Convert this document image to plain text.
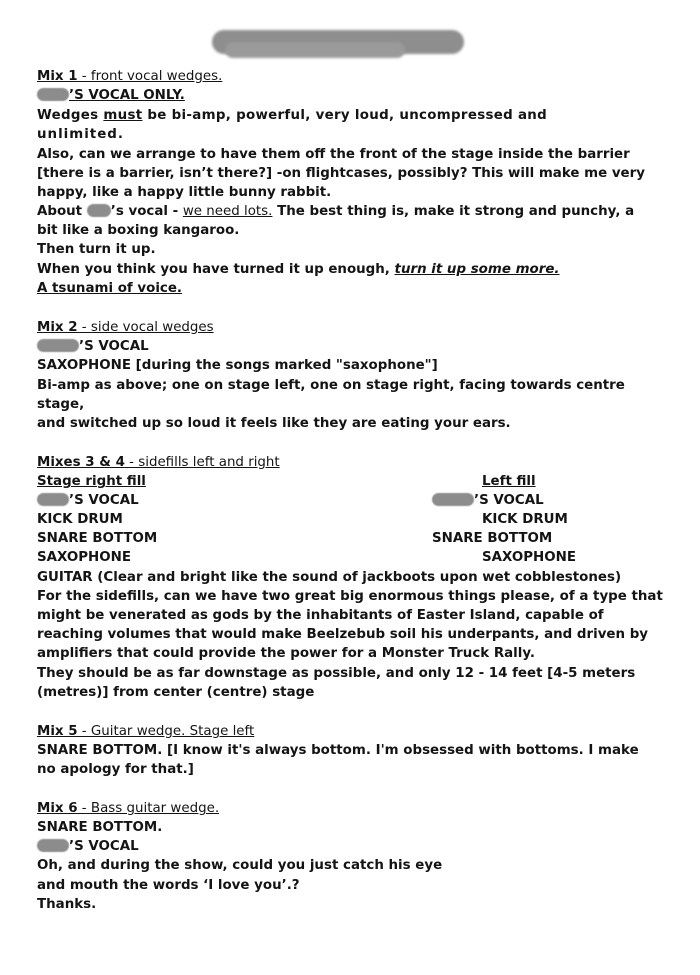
Mix 1 - front vocal wedges.
’S VOCAL ONLY.
Wedges must be bi-amp, powerful, very loud, uncompressed and
unlimited.
Also, can we arrange to have them off the front of the stage inside the barrier
[there is a barrier, isn’t there?] -on flightcases, possibly? This will make me very
happy, like a happy little bunny rabbit.
About ’s vocal - we need lots. The best thing is, make it strong and punchy, a
bit like a boxing kangaroo.
Then turn it up.
When you think you have turned it up enough, turn it up some more.
A tsunami of voice.
Mix 2 - side vocal wedges
’S VOCAL
SAXOPHONE [during the songs marked "saxophone"]
Bi-amp as above; one on stage left, one on stage right, facing towards centre
stage,
and switched up so loud it feels like they are eating your ears.
Mixes 3 & 4 - sidefills left and right
Stage right fill	Left fill
’S VOCAL	’S VOCAL
KICK DRUM	KICK DRUM
SNARE BOTTOM	SNARE BOTTOM
SAXOPHONE	SAXOPHONE
GUITAR (Clear and bright like the sound of jackboots upon wet cobblestones)
For the sidefills, can we have two great big enormous things please, of a type that
might be venerated as gods by the inhabitants of Easter Island, capable of
reaching volumes that would make Beelzebub soil his underpants, and driven by
amplifiers that could provide the power for a Monster Truck Rally.
They should be as far downstage as possible, and only 12 - 14 feet [4-5 meters
(metres)] from center (centre) stage
Mix 5 - Guitar wedge. Stage left
SNARE BOTTOM. [I know it's always bottom. I'm obsessed with bottoms. I make
no apology for that.]
Mix 6 - Bass guitar wedge.
SNARE BOTTOM.
’S VOCAL
Oh, and during the show, could you just catch his eye
and mouth the words ‘I love you’.?
Thanks.
